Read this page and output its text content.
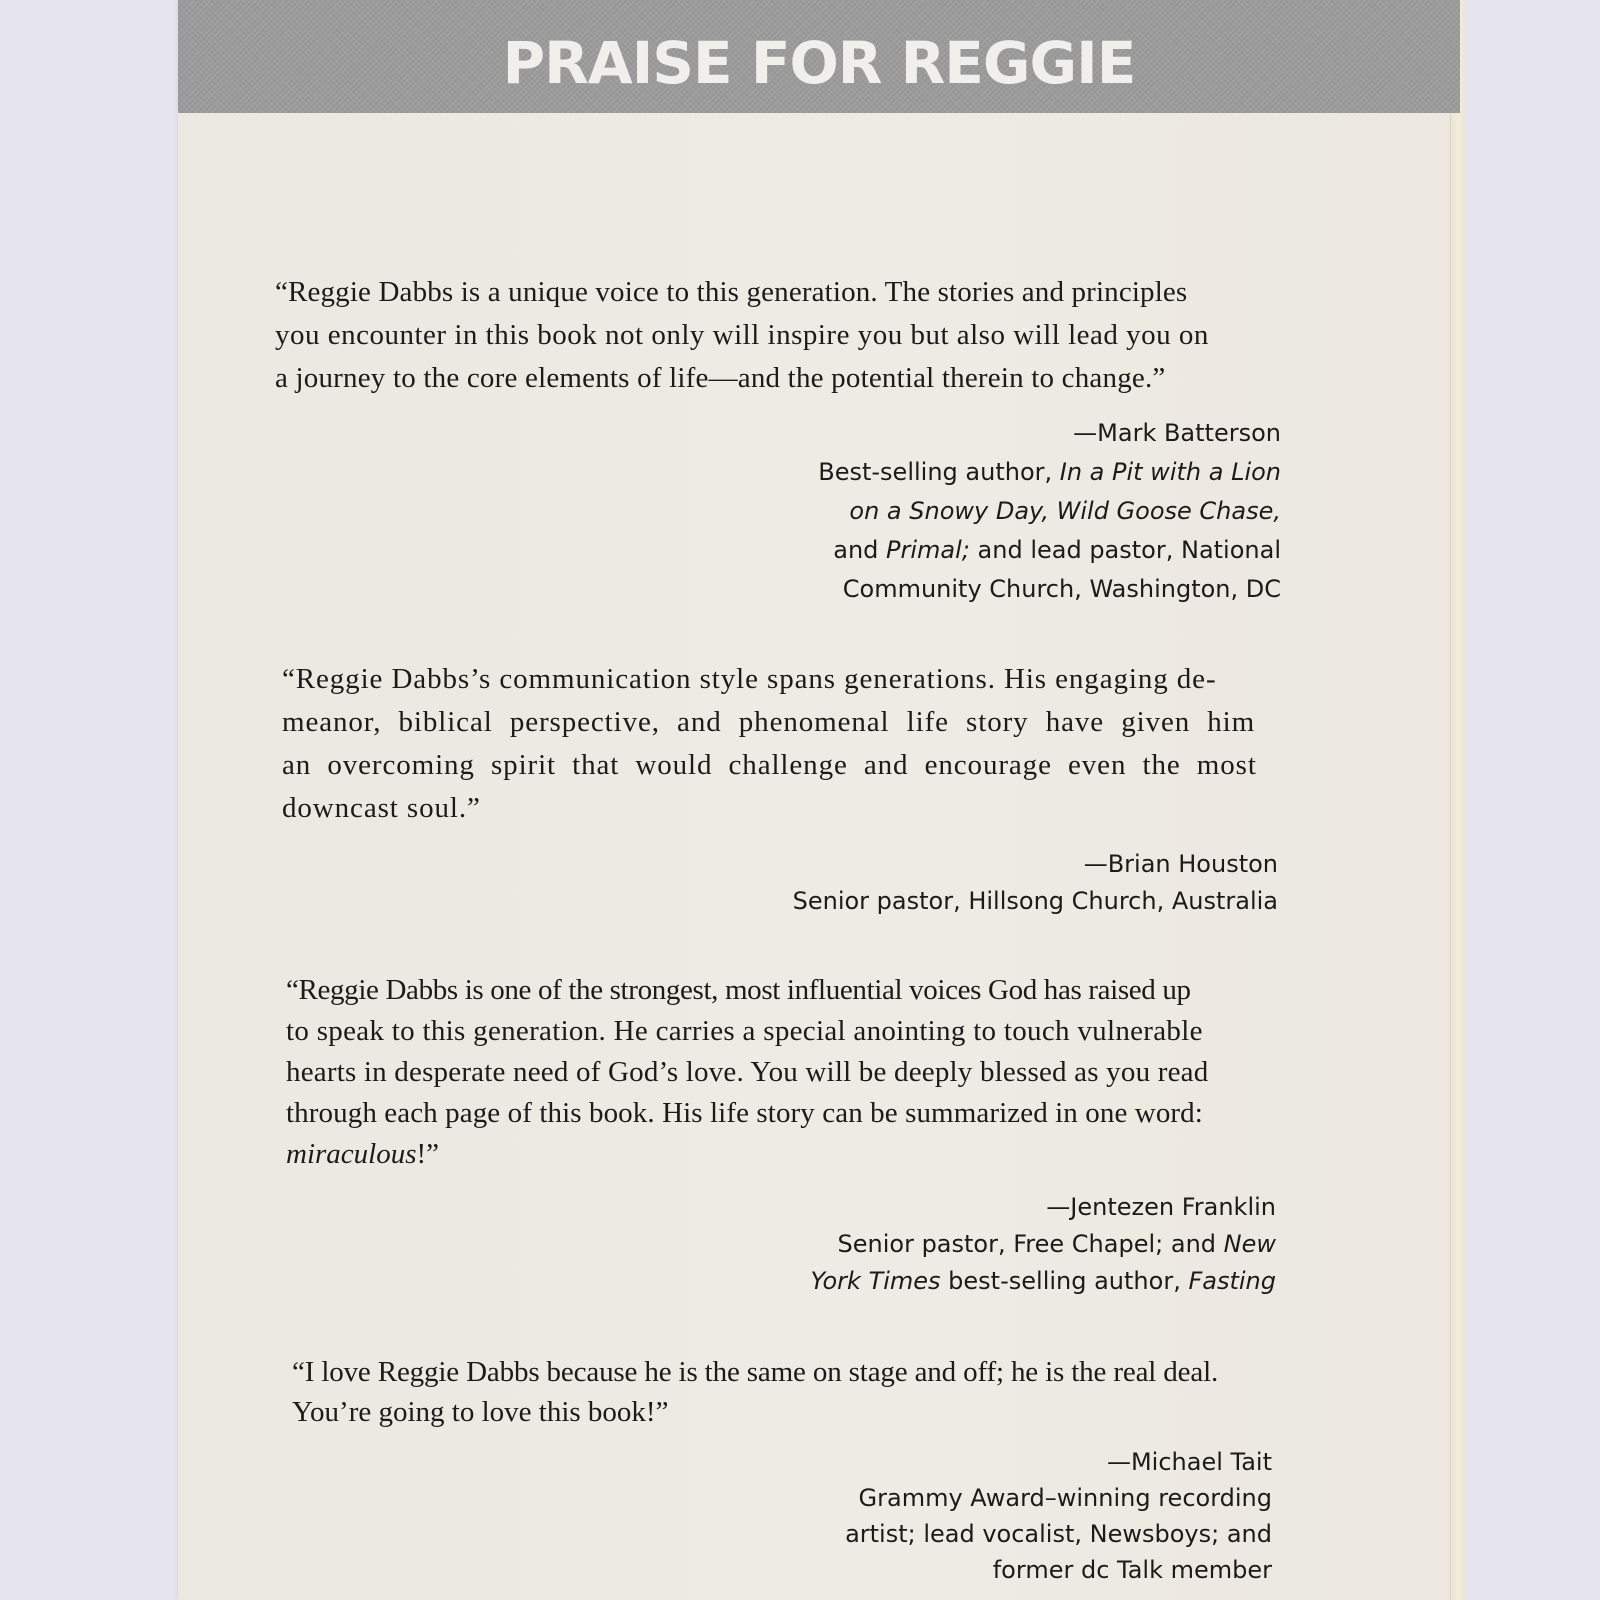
PRAISE FOR REGGIE
“Reggie Dabbs is a unique voice to this generation. The stories and principles
you encounter in this book not only will inspire you but also will lead you on
a journey to the core elements of life—and the potential therein to change.”
—Mark Batterson
Best-selling author, In a Pit with a Lion
on a Snowy Day, Wild Goose Chase,
and Primal; and lead pastor, National
Community Church, Washington, DC
“Reggie Dabbs’s communication style spans generations. His engaging de-
meanor, biblical perspective, and phenomenal life story have given him
an overcoming spirit that would challenge and encourage even the most
downcast soul.”
—Brian Houston
Senior pastor, Hillsong Church, Australia
“Reggie Dabbs is one of the strongest, most influential voices God has raised up
to speak to this generation. He carries a special anointing to touch vulnerable
hearts in desperate need of God’s love. You will be deeply blessed as you read
through each page of this book. His life story can be summarized in one word:
miraculous!”
—Jentezen Franklin
Senior pastor, Free Chapel; and New
York Times best-selling author, Fasting
“I love Reggie Dabbs because he is the same on stage and off; he is the real deal.
You’re going to love this book!”
—Michael Tait
Grammy Award–winning recording
artist; lead vocalist, Newsboys; and
former dc Talk member
